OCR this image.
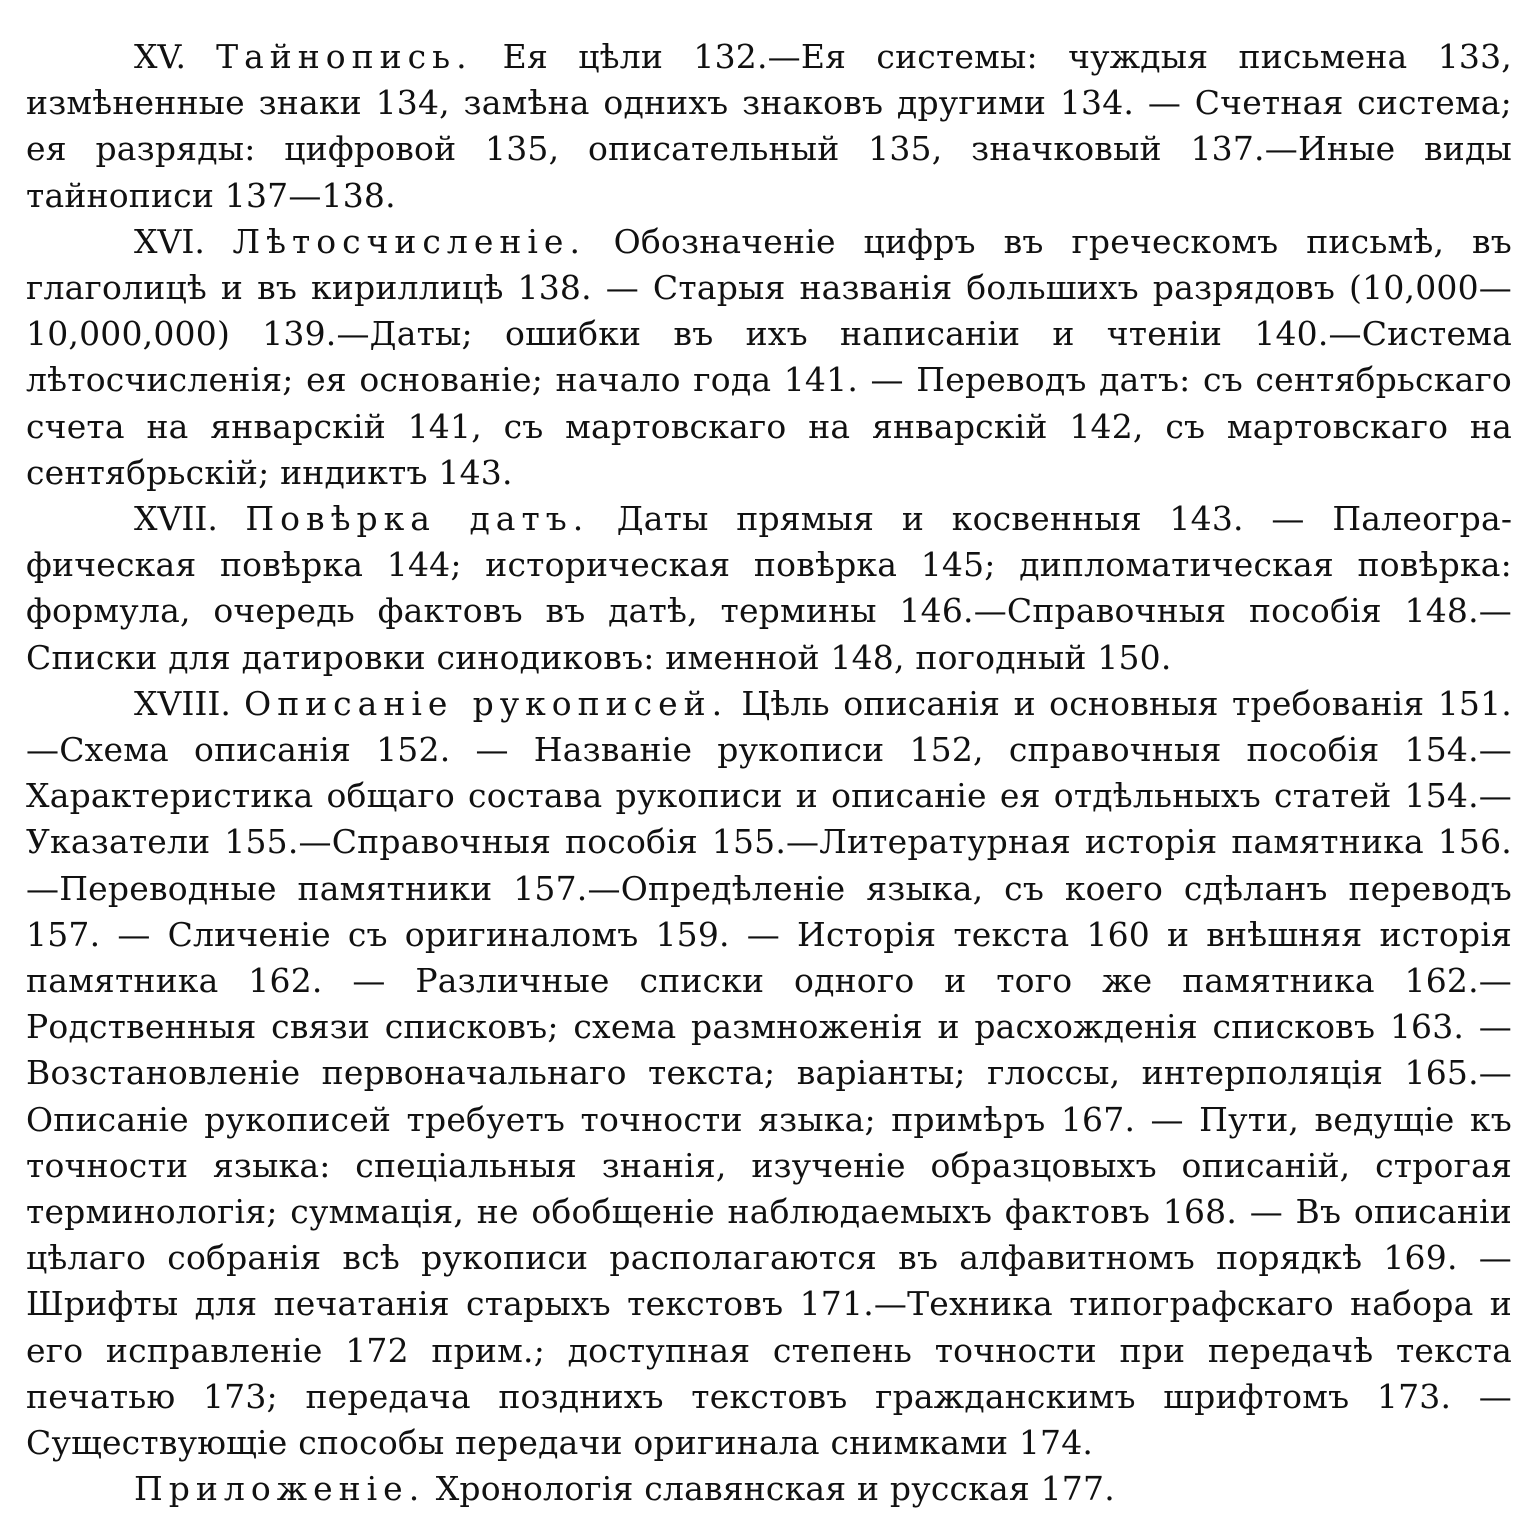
XV. Тайнопись. Ея цѣли 132.—Ея системы: чуждыя письмена 133, измѣненные знаки 134, замѣна однихъ знаковъ другими 134. — Счетная система; ея разряды: цифровой 135, описательный 135, значковый 137.—Иные виды тайнописи 137—138.

XVI. Лѣтосчисленіе. Обозначеніе цифръ въ греческомъ письмѣ, въ глаголицѣ и въ кириллицѣ 138. — Старыя названія большихъ разрядовъ (10,000—10,000,000) 139.—Даты; ошибки въ ихъ написаніи и чтеніи 140.—Система лѣтосчисленія; ея основаніе; начало года 141. — Переводъ датъ: съ сентябрьскаго счета на январскій 141, съ мартовскаго на январскій 142, съ мартовскаго на сентябрьскій; индиктъ 143.

XVII. Повѣрка датъ. Даты прямыя и косвенныя 143. — Палеографическая повѣрка 144; историческая повѣрка 145; дипломатическая повѣрка: формула, очередь фактовъ въ датѣ, термины 146.—Справочныя пособія 148.—Списки для датировки синодиковъ: именной 148, погодный 150.

XVIII. Описаніе рукописей. Цѣль описанія и основныя требованія 151.—Схема описанія 152. — Названіе рукописи 152, справочныя пособія 154.—Характеристика общаго состава рукописи и описаніе ея отдѣльныхъ статей 154.—Указатели 155.—Справочныя пособія 155.—Литературная исторія памятника 156.—Переводные памятники 157.—Опредѣленіе языка, съ коего сдѣланъ переводъ 157. — Сличеніе съ оригиналомъ 159. — Исторія текста 160 и внѣшняя исторія памятника 162. — Различные списки одного и того же памятника 162.—Родственныя связи списковъ; схема размноженія и расхожденія списковъ 163. — Возстановленіе первоначальнаго текста; варіанты; глоссы, интерполяція 165.—Описаніе рукописей требуетъ точности языка; примѣръ 167. — Пути, ведущіе къ точности языка: спеціальныя знанія, изученіе образцовыхъ описаній, строгая терминологія; суммація, не обобщеніе наблюдаемыхъ фактовъ 168. — Въ описаніи цѣлаго собранія всѣ рукописи располагаются въ алфавитномъ порядкѣ 169. —Шрифты для печатанія старыхъ текстовъ 171.—Техника типографскаго набора и его исправленіе 172 прим.; доступная степень точности при передачѣ текста печатью 173; передача позднихъ текстовъ гражданскимъ шрифтомъ 173. — Существующіе способы передачи оригинала снимками 174.

Приложеніе. Хронологія славянская и русская 177.
